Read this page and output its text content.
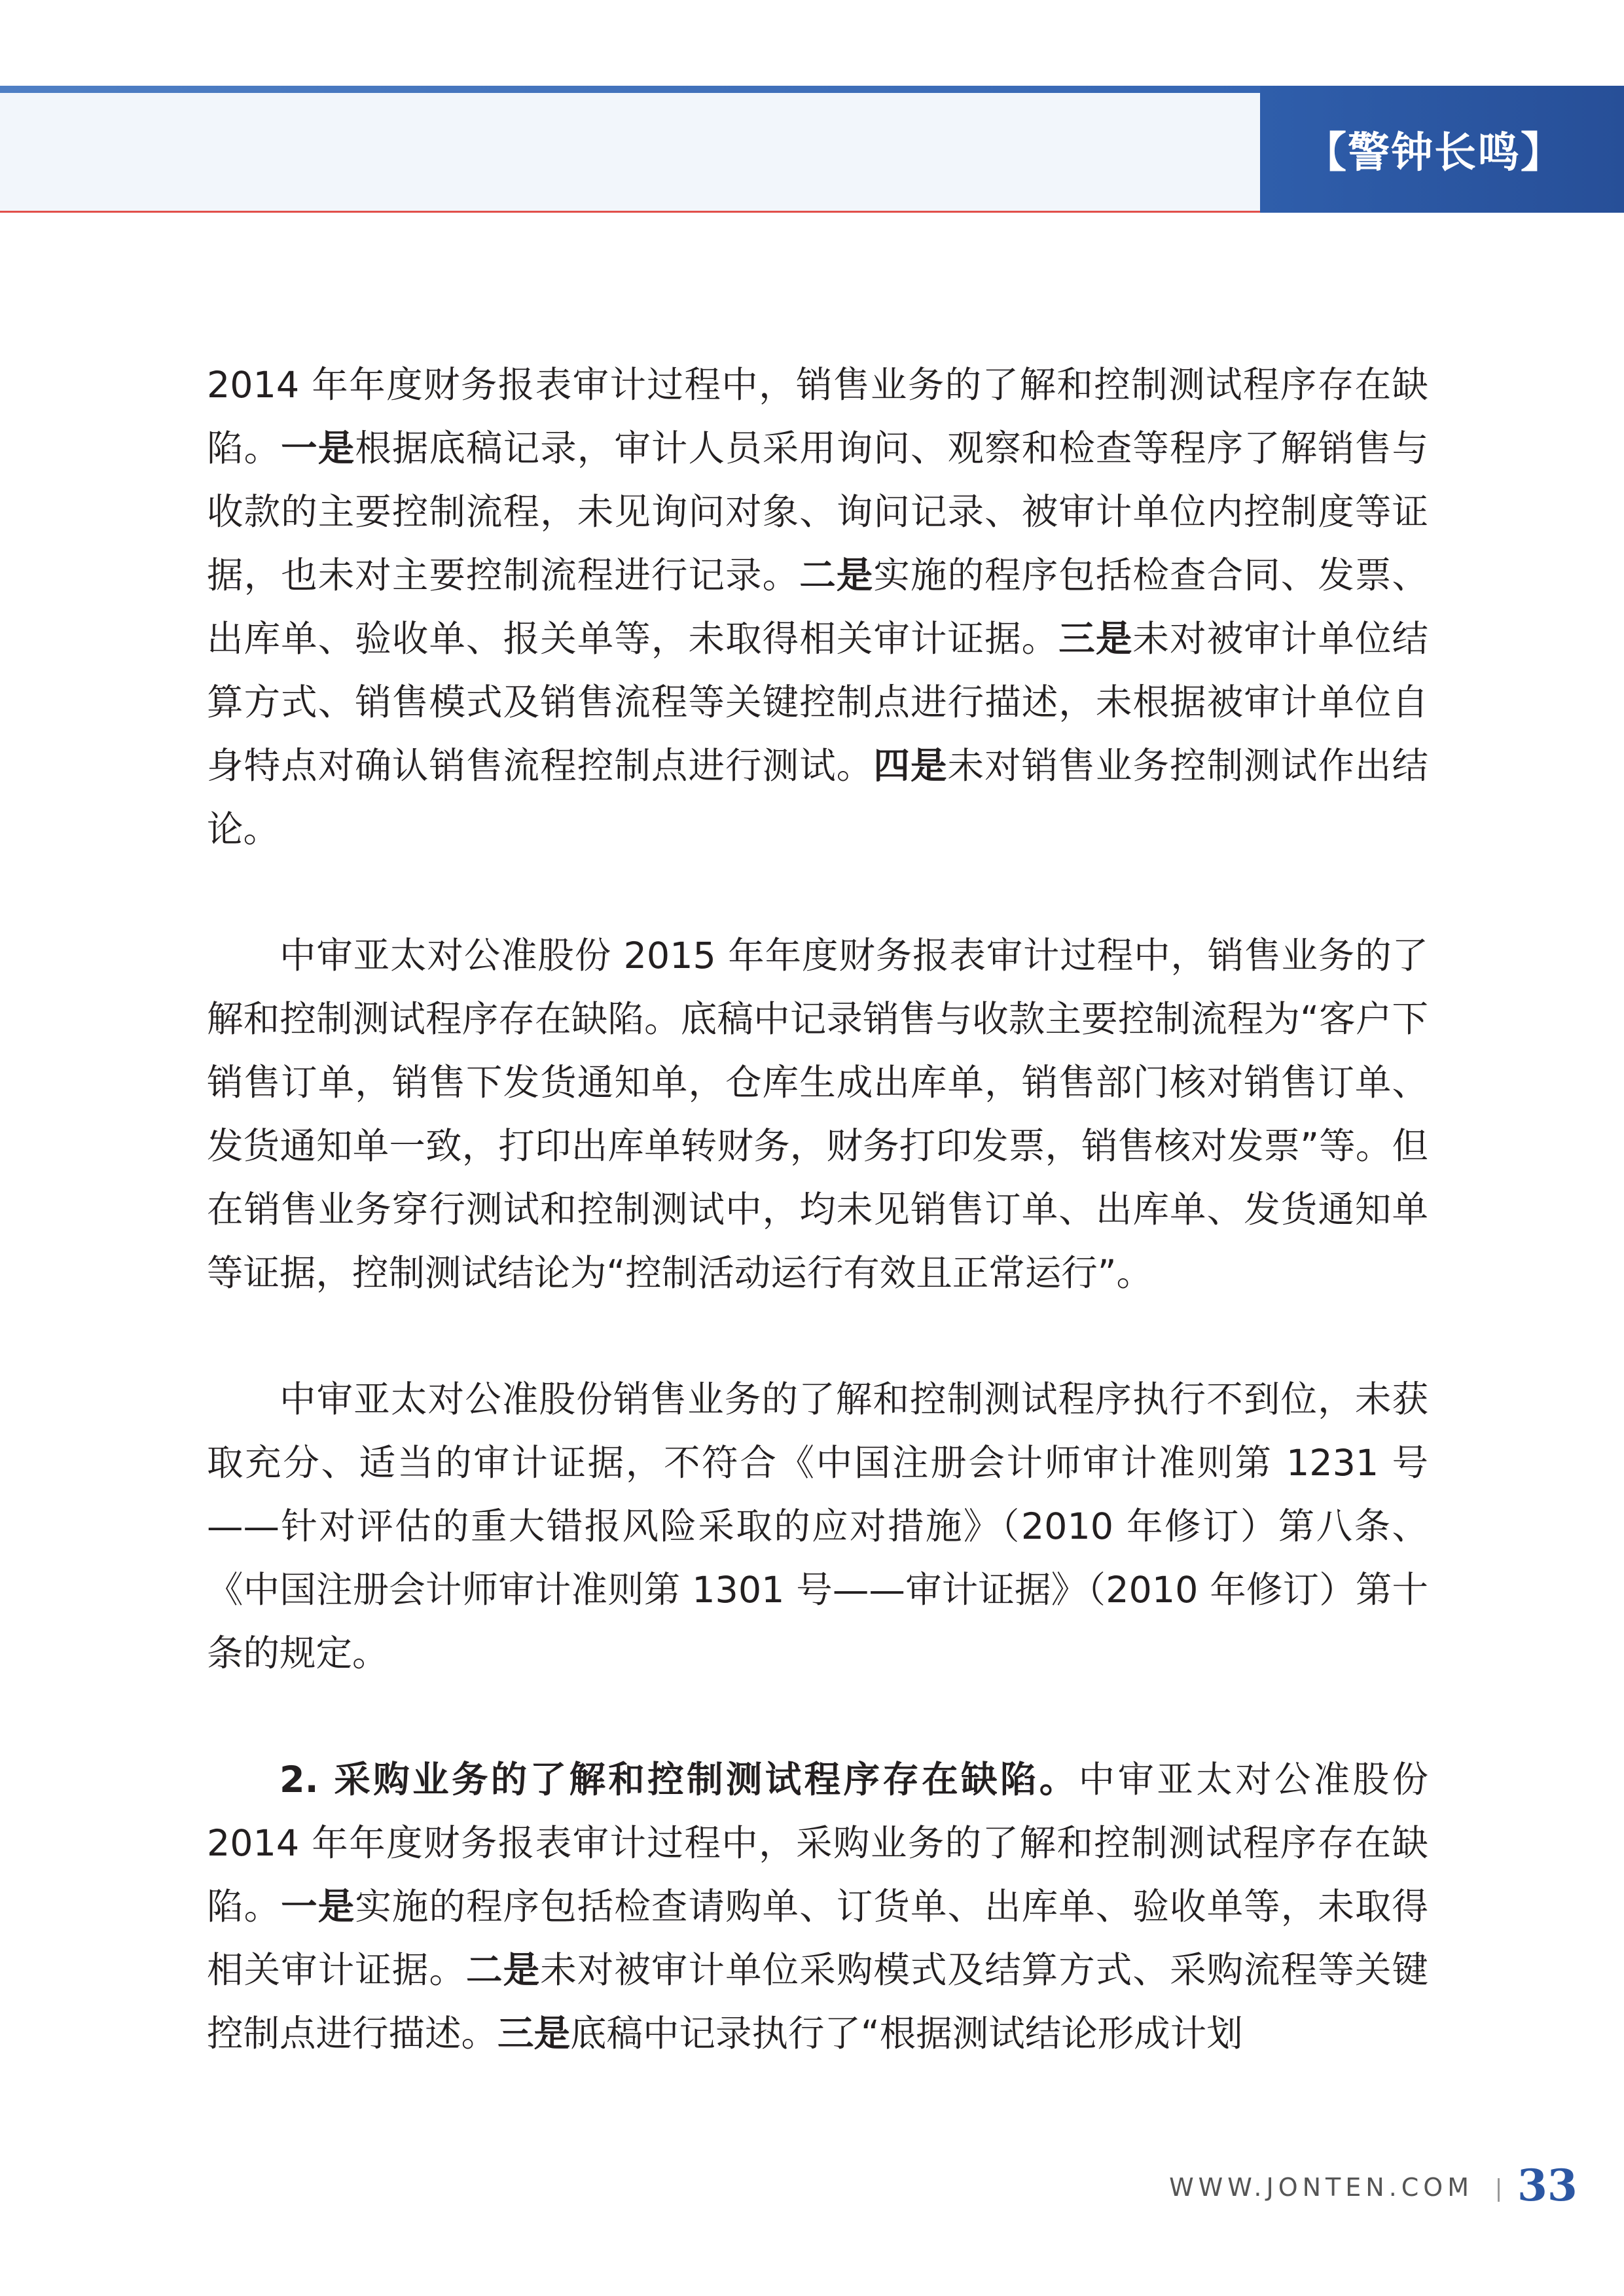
【警钟长鸣】

2014 年年度财务报表审计过程中，销售业务的了解和控制测试程序存在缺陷。一是根据底稿记录，审计人员采用询问、观察和检查等程序了解销售与收款的主要控制流程，未见询问对象、询问记录、被审计单位内控制度等证据，也未对主要控制流程进行记录。二是实施的程序包括检查合同、发票、出库单、验收单、报关单等，未取得相关审计证据。三是未对被审计单位结算方式、销售模式及销售流程等关键控制点进行描述，未根据被审计单位自身特点对确认销售流程控制点进行测试。四是未对销售业务控制测试作出结论。

中审亚太对公准股份 2015 年年度财务报表审计过程中，销售业务的了解和控制测试程序存在缺陷。底稿中记录销售与收款主要控制流程为“客户下销售订单，销售下发货通知单，仓库生成出库单，销售部门核对销售订单、发货通知单一致，打印出库单转财务，财务打印发票，销售核对发票”等。但在销售业务穿行测试和控制测试中，均未见销售订单、出库单、发货通知单等证据，控制测试结论为“控制活动运行有效且正常运行”。

中审亚太对公准股份销售业务的了解和控制测试程序执行不到位，未获取充分、适当的审计证据，不符合《中国注册会计师审计准则第 1231 号——针对评估的重大错报风险采取的应对措施》（2010 年修订）第八条、《中国注册会计师审计准则第 1301 号——审计证据》（2010 年修订）第十条的规定。

2. 采购业务的了解和控制测试程序存在缺陷。中审亚太对公准股份 2014 年年度财务报表审计过程中，采购业务的了解和控制测试程序存在缺陷。一是实施的程序包括检查请购单、订货单、出库单、验收单等，未取得相关审计证据。二是未对被审计单位采购模式及结算方式、采购流程等关键控制点进行描述。三是底稿中记录执行了“根据测试结论形成计划

WWW.JONTEN.COM 33
